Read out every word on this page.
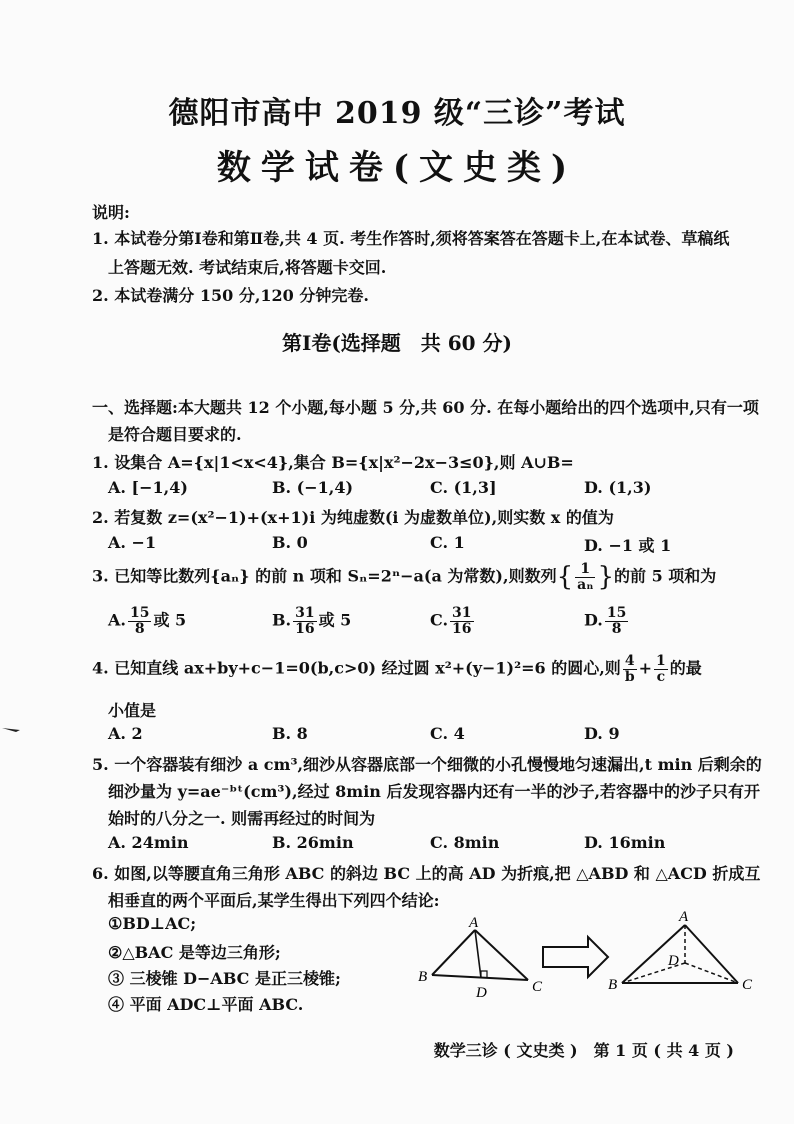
德阳市高中 2019 级“三诊”考试
数学试卷(文史类)
说明:
1. 本试卷分第Ⅰ卷和第Ⅱ卷,共 4 页. 考生作答时,须将答案答在答题卡上,在本试卷、草稿纸
上答题无效. 考试结束后,将答题卡交回.
2. 本试卷满分 150 分,120 分钟完卷.
第Ⅰ卷(选择题　共 60 分)
一、选择题:本大题共 12 个小题,每小题 5 分,共 60 分. 在每小题给出的四个选项中,只有一项
是符合题目要求的.
1. 设集合 A={x|1<x<4},集合 B={x|x²−2x−3≤0},则 A∪B=
A. [−1,4)	B. (−1,4)	C. (1,3]	D. (1,3)
2. 若复数 z=(x²−1)+(x+1)i 为纯虚数(i 为虚数单位),则实数 x 的值为
A. −1	B. 0	C. 1	D. −1 或 1
3. 已知等比数列{aₙ} 的前 n 项和 Sₙ=2ⁿ−a(a 为常数),则数列{ $\frac{1}{\text{aₙ}}$ }的前 5 项和为
A. $\frac{15}{8}$ 或 5	B. $\frac{31}{16}$ 或 5	C. $\frac{31}{16}$	D. $\frac{15}{8}$
4. 已知直线 ax+by+c−1=0(b,c>0) 经过圆 x²+(y−1)²=6 的圆心,则 $\frac{4}{b} + \frac{1}{c}$ 的最
小值是
A. 2	B. 8	C. 4	D. 9
5. 一个容器装有细沙 a cm³,细沙从容器底部一个细微的小孔慢慢地匀速漏出,t min 后剩余的
细沙量为 y=ae⁻ᵇᵗ(cm³),经过 8min 后发现容器内还有一半的沙子,若容器中的沙子只有开
始时的八分之一. 则需再经过的时间为
A. 24min	B. 26min	C. 8min	D. 16min
6. 如图,以等腰直角三角形 ABC 的斜边 BC 上的高 AD 为折痕,把 △ABD 和 △ACD 折成互
相垂直的两个平面后,某学生得出下列四个结论:
①BD⊥AC;
②△BAC 是等边三角形;
③ 三棱锥 D−ABC 是正三棱锥;
④ 平面 ADC⊥平面 ABC.
A
B
C
D
A
B	C
D
数学三诊 ( 文史类 )　第 1 页 ( 共 4 页 )
